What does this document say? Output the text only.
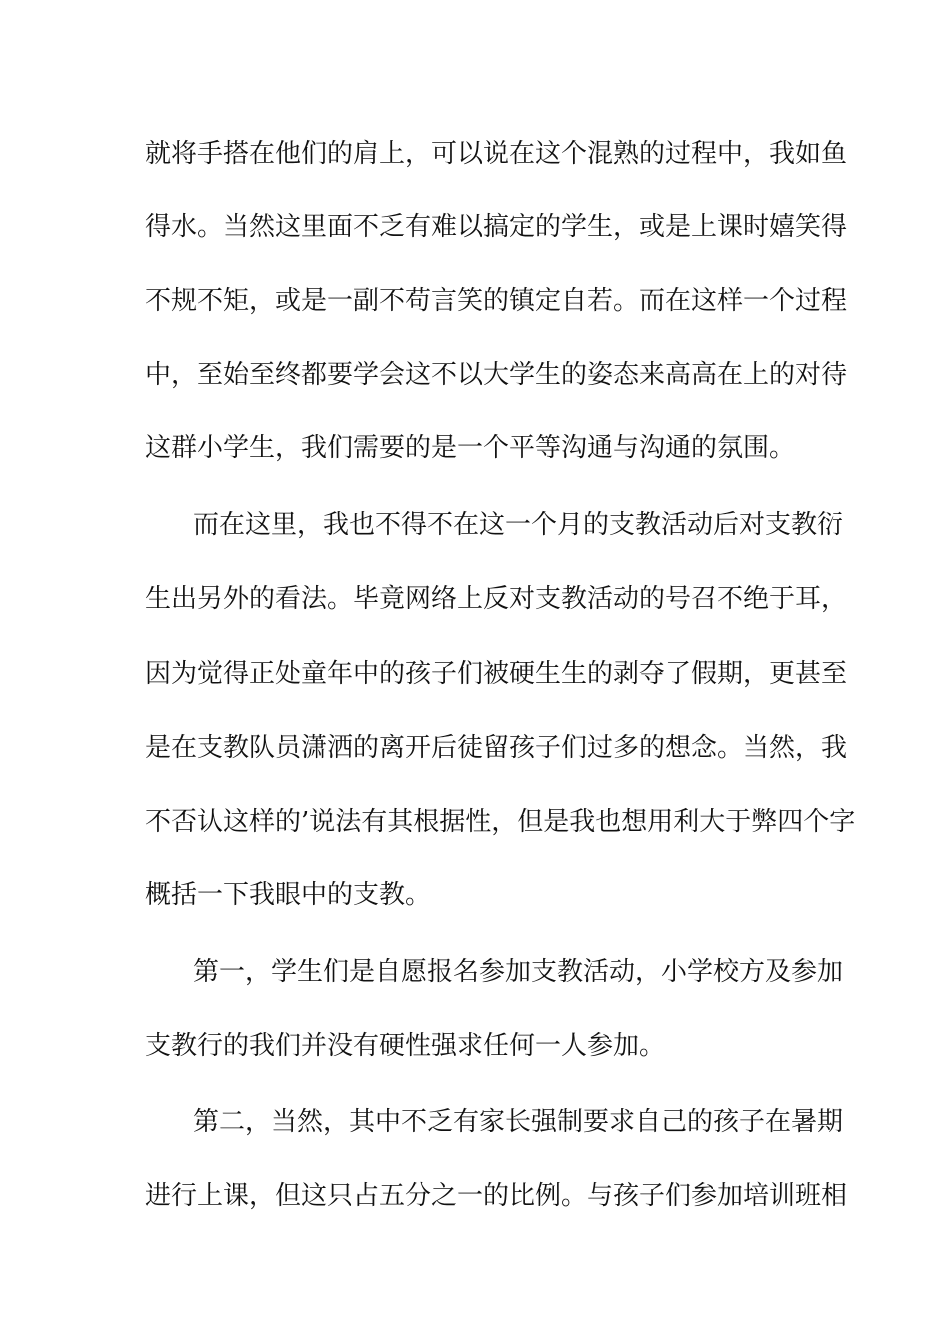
就将手搭在他们的肩上，可以说在这个混熟的过程中，我如鱼
得水。当然这里面不乏有难以搞定的学生，或是上课时嬉笑得
不规不矩，或是一副不苟言笑的镇定自若。而在这样一个过程
中，至始至终都要学会这不以大学生的姿态来高高在上的对待
这群小学生，我们需要的是一个平等沟通与沟通的氛围。
而在这里，我也不得不在这一个月的支教活动后对支教衍
生出另外的看法。毕竟网络上反对支教活动的号召不绝于耳，
因为觉得正处童年中的孩子们被硬生生的剥夺了假期，更甚至
是在支教队员潇洒的离开后徒留孩子们过多的想念。当然，我
不否认这样的’说法有其根据性，但是我也想用利大于弊四个字
概括一下我眼中的支教。
第一，学生们是自愿报名参加支教活动，小学校方及参加
支教行的我们并没有硬性强求任何一人参加。
第二，当然，其中不乏有家长强制要求自己的孩子在暑期
进行上课，但这只占五分之一的比例。与孩子们参加培训班相
